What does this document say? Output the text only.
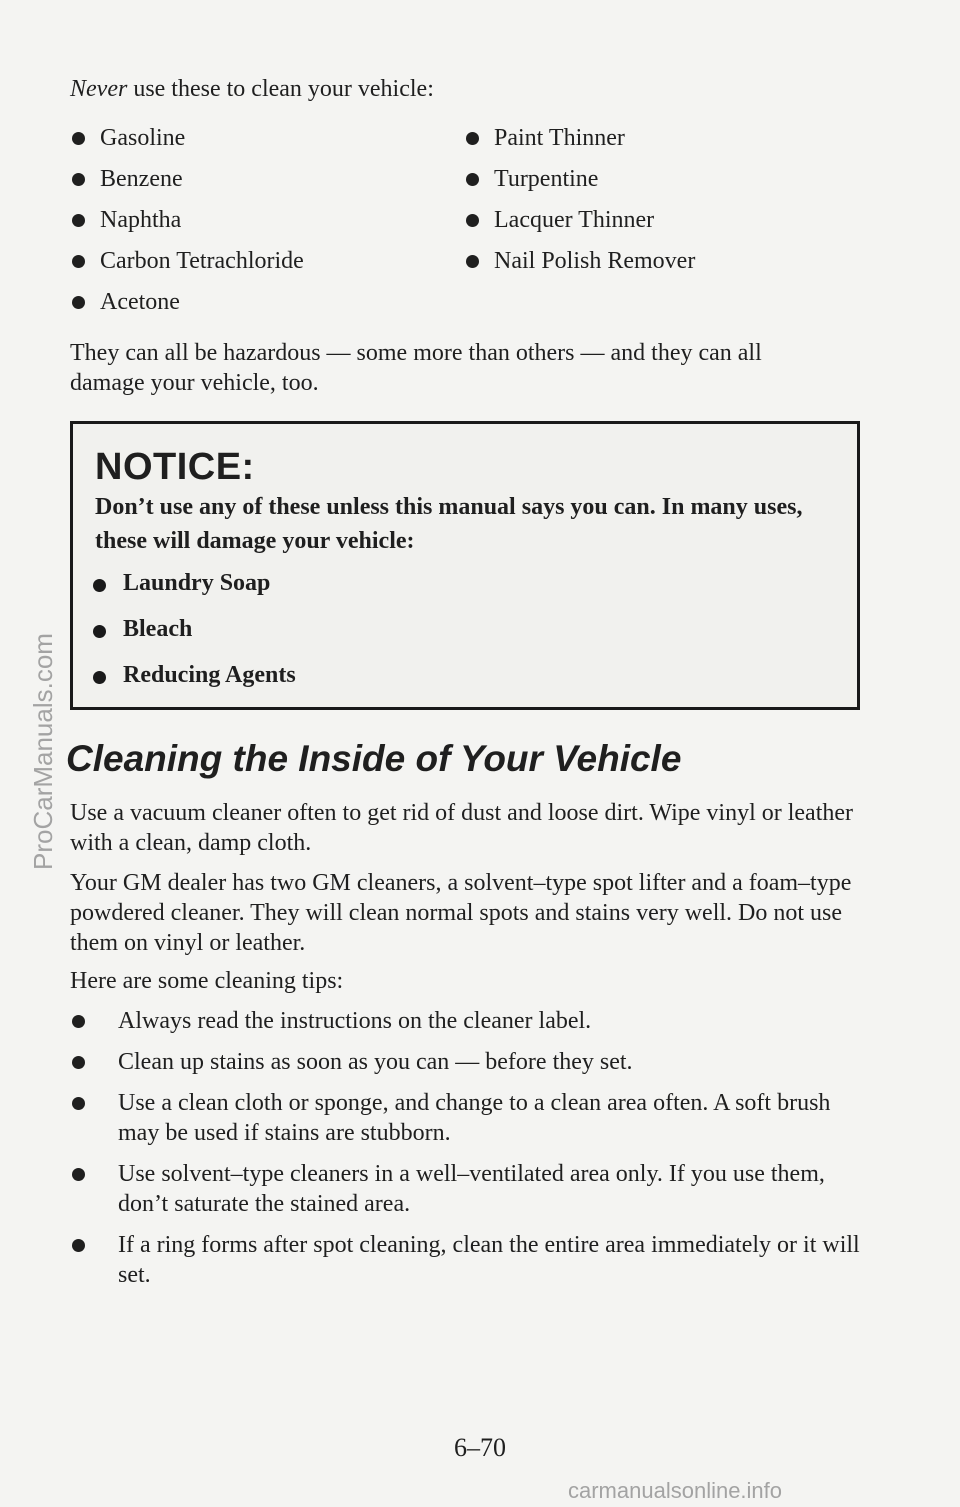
Never use these to clean your vehicle:
Gasoline
Benzene
Naphtha
Carbon Tetrachloride
Acetone
Paint Thinner
Turpentine
Lacquer Thinner
Nail Polish Remover

They can all be hazardous — some more than others — and they can all damage your vehicle, too.

NOTICE:

Don’t use any of these unless this manual says you can. In many uses, these will damage your vehicle:

Laundry Soap
Bleach
Reducing Agents
Cleaning the Inside of Your Vehicle

Use a vacuum cleaner often to get rid of dust and loose dirt. Wipe vinyl or leather with a clean, damp cloth.

Your GM dealer has two GM cleaners, a solvent–type spot lifter and a foam–type powdered cleaner. They will clean normal spots and stains very well. Do not use them on vinyl or leather.

Here are some cleaning tips:

Always read the instructions on the cleaner label.
Clean up stains as soon as you can — before they set.
Use a clean cloth or sponge, and change to a clean area often. A soft brush may be used if stains are stubborn.
Use solvent–type cleaners in a well–ventilated area only. If you use them, don’t saturate the stained area.
If a ring forms after spot cleaning, clean the entire area immediately or it will set.
6–70
ProCarManuals.com
carmanualsonline.info
